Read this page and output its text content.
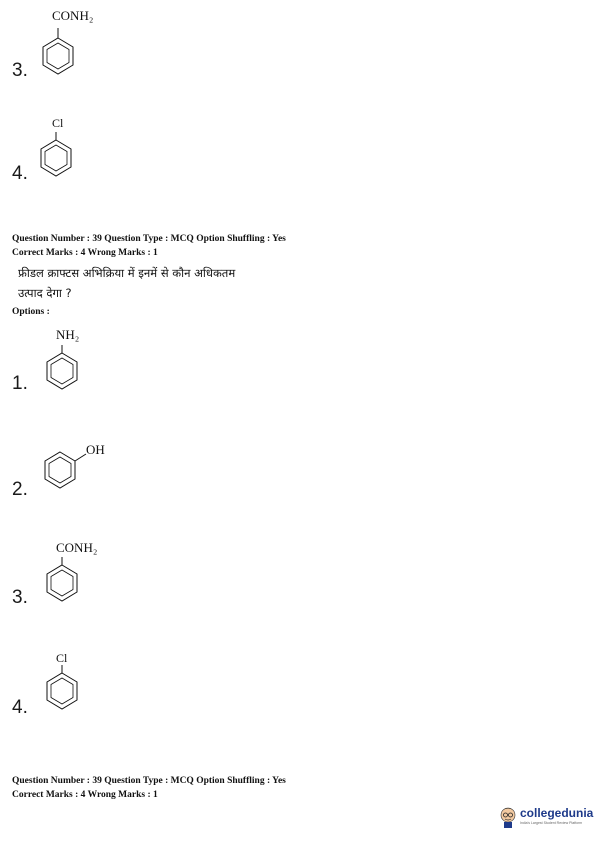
CONH₂
3.
Cl
4.
Question Number : 39 Question Type : MCQ Option Shuffling : Yes
Correct Marks : 4 Wrong Marks : 1
फ्रीडल क्राफ्टस अभिक्रिया में इनमें से कौन अधिकतम
उत्पाद देगा ?
Options :
NH₂
1.
OH
2.
CONH₂
3.
Cl
4.
Question Number : 39 Question Type : MCQ Option Shuffling : Yes
Correct Marks : 4 Wrong Marks : 1
collegedunia
India's Largest Student Review Platform
